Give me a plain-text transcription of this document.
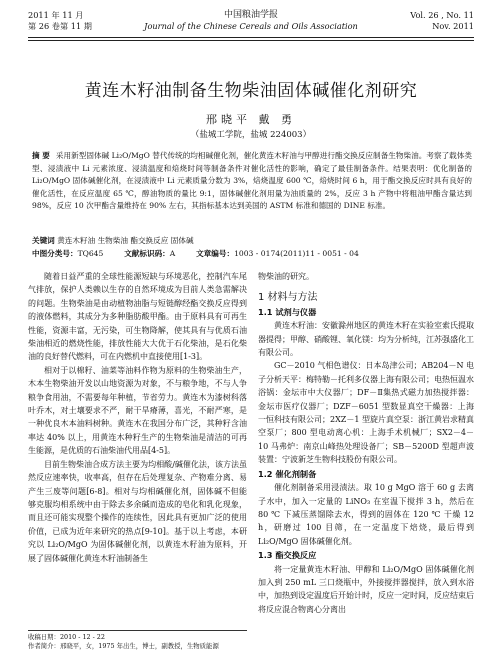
2011 年 11 月
第 26 卷第 11 期
中国粮油学报
Journal of the Chinese Cereals and Oils Association
Vol. 26 , No. 11
Nov. 2011
黄连木籽油制备生物柴油固体碱催化剂研究
邢晓平 戴 勇
（盐城工学院，盐城 224003）
摘 要 采用新型固体碱 Li₂O/MgO 替代传统的均相碱催化剂，催化黄连木籽油与甲醇进行酯交换反应制备生物柴油。考察了载体类型、浸渍液中 Li 元素浓度、浸渍温度和焙烧时间等制备条件对催化活性的影响，确定了最佳制备条件。结果表明：优化制备的 Li₂O/MgO 固体碱催化剂，在浸渍液中 Li 元素质量分数为 3%，焙烧温度 600 ℃，焙烧时间 6 h，用于酯交换反应时具有良好的催化活性，在反应温度 65 ℃，醇油物质的量比 9:1，固体碱催化剂用量为油质量的 2%，反应 3 h 产物中将粗油甲酯含量达到 98%，反应 10 次甲酯含量维持在 90% 左右，其指标基本达到美国的 ASTM 标准和德国的 DINE 标准。
关键词 黄连木籽油 生物柴油 酯交换反应 固体碱
中图分类号：TQ645	文献标识码：A	文章编号：1003 - 0174(2011)11 - 0051 - 04

随着日益严重的全球性能源短缺与环境恶化，控制汽车尾气排放，保护人类赖以生存的自然环境成为目前人类急需解决的问题。生物柴油是由动植物油脂与短链醇经酯交换反应得到的液体燃料，其成分为多种脂肪酸甲酯。由于原料具有可再生性能，资源丰富，无污染，可生物降解，使其具有与优质石油柴油相近的燃烧性能，排放性能大大优于石化柴油，是石化柴油的良好替代燃料，可在内燃机中直接使用[1-3]。

相对于以棉籽、油菜等油料作物为原料的生物柴油生产，木本生物柴油开发以山地资源为对象，不与粮争地，不与人争粮争食用油，不需要每年种植，节省劳力。黄连木为漆树科落叶乔木，对土壤要求不严，耐干旱瘠薄，喜光，不耐严寒，是一种优良木本油料树种。黄连木在我国分布广泛，其种籽含油率达 40% 以上，用黄连木种籽生产的生物柴油是清洁的可再生能源，是优质的石油柴油代用品[4-5]。

目前生物柴油合成方法主要为均相酸/碱催化法，该方法虽然反应速率快，收率高，但存在后处理复杂、产物难分离、易产生三废等问题[6-8]。相对与均相碱催化剂，固体碱不但能够克服均相系统中由于除去多余碱而造成的皂化和乳化现象，而且还可能实现整个操作的连续性，因此具有更加广泛的使用价值，已成为近年来研究的热点[9-10]。基于以上考虑，本研究以 Li₂O/MgO 为固体碱催化剂，以黄连木籽油为原料，开展了固体碱催化黄连木籽油制备生

物柴油的研究。

1 材料与方法
1.1 试剂与仪器

黄连木籽油：安徽滁州地区的黄连木籽在实验室索氏提取器提得；甲醇、硝酸锂、氧化镁：均为分析纯，江苏强盛化工有限公司。

GC－2010 气相色谱仪：日本岛津公司；AB204－N 电子分析天平：梅特勒－托利多仪器上海有限公司；电热恒温水浴锅：金坛市中大仪器厂；DF－Ⅱ集热式磁力加热搅拌器：金坛市医疗仪器厂；DZF－6051 型数显真空干燥器：上海一恒科技有限公司；2XZ－1 型旋片真空泵：浙江黄岩求精真空泵厂；800 型电动离心机：上海手术机械厂；SX2－4－10 马弗炉：南京山峰热处理设备厂；SB－5200D 型超声波装置：宁波新芝生物科技股份有限公司。

1.2 催化剂制备

催化剂制备采用浸渍法。取 10 g MgO 溶于 60 g 去离子水中，加入一定量的 LiNO₃ 在室温下搅拌 3 h，然后在 80 ℃ 下减压蒸馏除去水，得到的固体在 120 ℃ 干燥 12 h，研磨过 100 目筛，在一定温度下焙烧，最后得到 Li₂O/MgO 固体碱催化剂。

1.3 酯交换反应

将一定量黄连木籽油、甲醇和 Li₂O/MgO 固体碱催化剂加入到 250 mL 三口烧瓶中，外接搅拌器搅拌，放入到水浴中，加热到设定温度后开始计时，反应一定时间，反应结束后将反应混合物离心分离出

收稿日期：2010 - 12 - 22
作者简介：邢晓平，女，1975 年出生，博士，副教授，生物质能源
